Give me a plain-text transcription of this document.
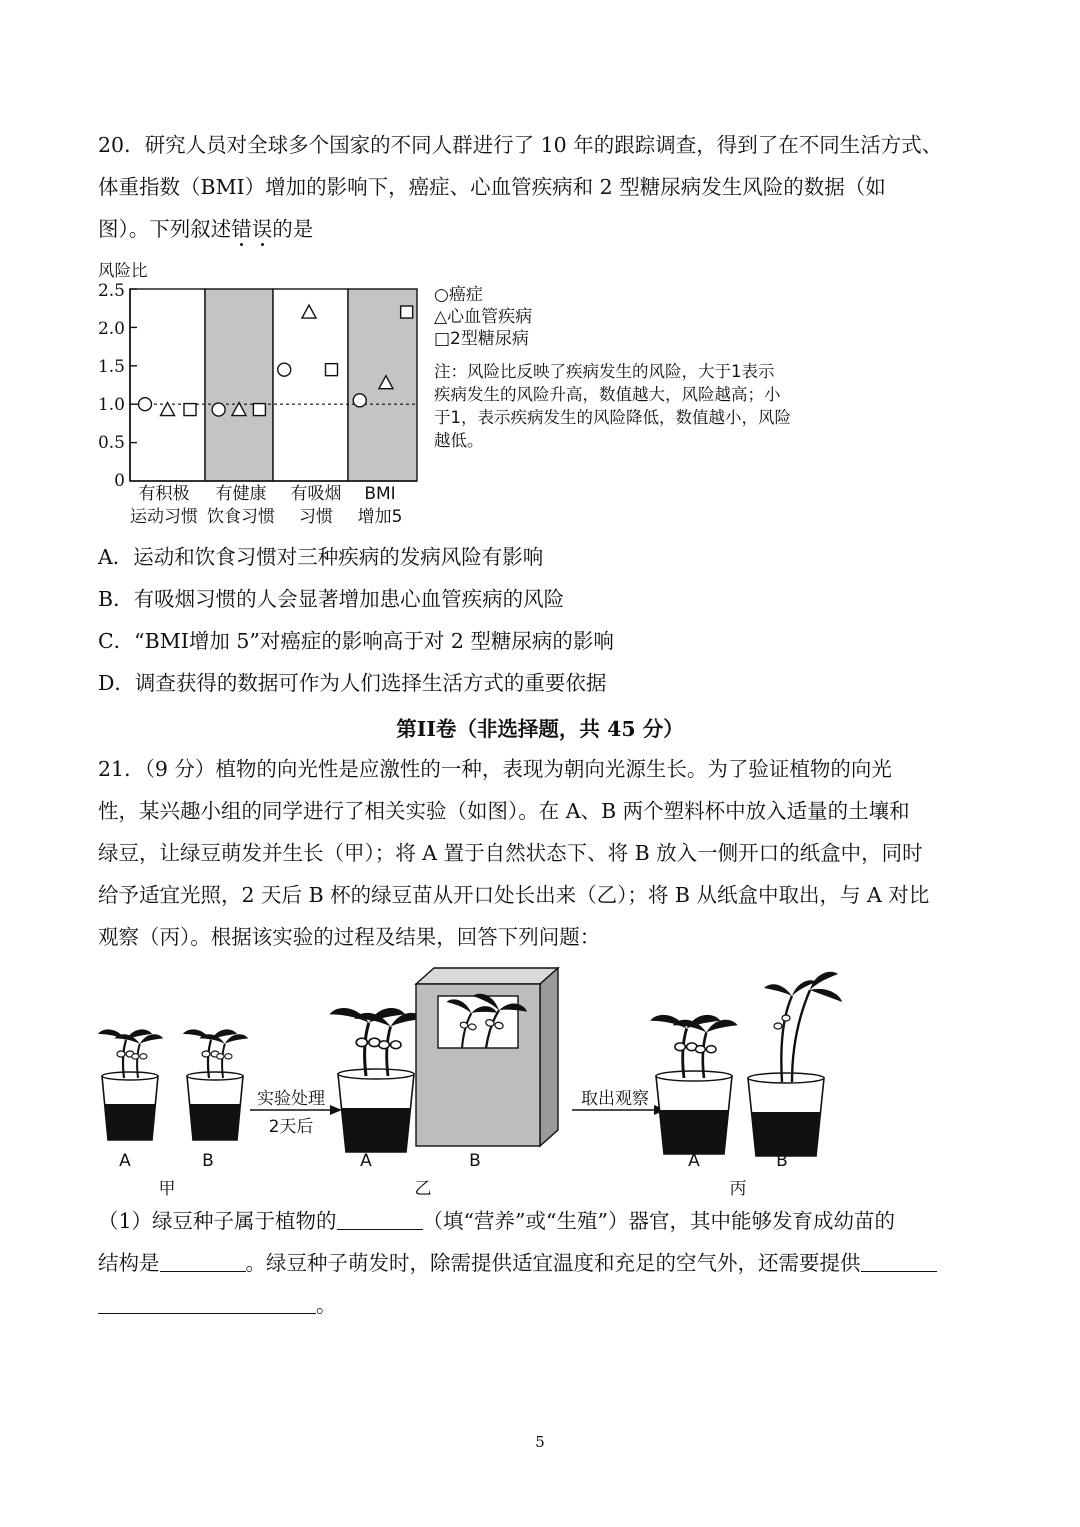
20．研究人员对全球多个国家的不同人群进行了 10 年的跟踪调查，得到了在不同生活方式、
体重指数（BMI）增加的影响下，癌症、心血管疾病和 2 型糖尿病发生风险的数据（如
图）。下列叙述错误的是
风险比
2.5
2.0
1.5
1.0
0.5
0
有积极
运动习惯
有健康
饮食习惯
有吸烟
习惯
BMI
增加5
○癌症
△心血管疾病
□2型糖尿病
注：风险比反映了疾病发生的风险，大于1表示
疾病发生的风险升高，数值越大，风险越高；小
于1，表示疾病发生的风险降低，数值越小，风险
越低。
A．运动和饮食习惯对三种疾病的发病风险有影响
B．有吸烟习惯的人会显著增加患心血管疾病的风险
C．“BMI增加 5”对癌症的影响高于对 2 型糖尿病的影响
D．调查获得的数据可作为人们选择生活方式的重要依据
第II卷（非选择题，共 45 分）
21．（9 分）植物的向光性是应激性的一种，表现为朝向光源生长。为了验证植物的向光
性，某兴趣小组的同学进行了相关实验（如图）。在 A、B 两个塑料杯中放入适量的土壤和
绿豆，让绿豆萌发并生长（甲）；将 A 置于自然状态下、将 B 放入一侧开口的纸盒中，同时
给予适宜光照，2 天后 B 杯的绿豆苗从开口处长出来（乙）；将 B 从纸盒中取出，与 A 对比
观察（丙）。根据该实验的过程及结果，回答下列问题：
实验处理
2天后
取出观察
A	B	A	B	A	B
甲	乙	丙
（1）绿豆种子属于植物的	（填“营养”或“生殖”）器官，其中能够发育成幼苗的
结构是	。绿豆种子萌发时，除需提供适宜温度和充足的空气外，还需要提供
。
5
